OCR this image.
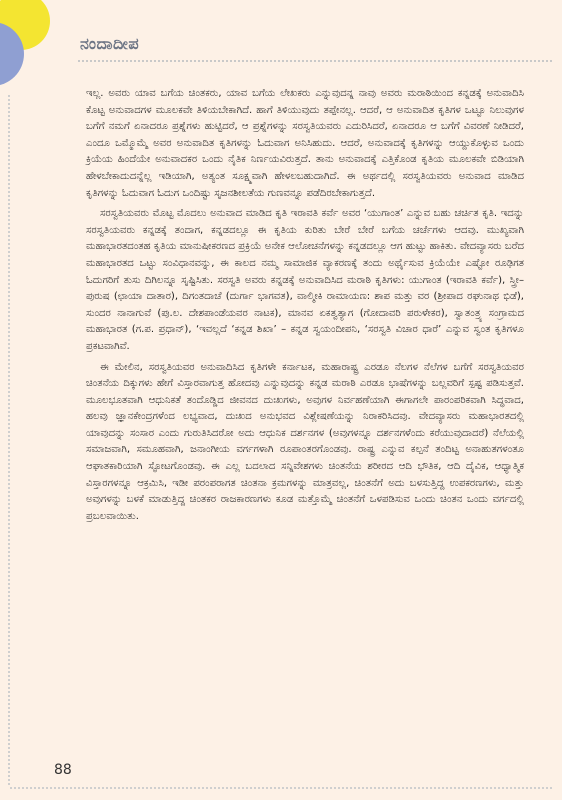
ನಂದಾದೀಪ

ಇಲ್ಲ. ಅವರು ಯಾವ ಬಗೆಯ ಚಿಂತಕರು, ಯಾವ ಬಗೆಯ ಲೇಖಕರು ಎನ್ನುವುದನ್ನ ನಾವು ಅವರು ಮರಾಠಿಯಿಂದ ಕನ್ನಡಕ್ಕೆ ಅನುವಾದಿಸಿ ಕೊಟ್ಟ ಅನುವಾದಗಳ ಮೂಲಕವೇ ತಿಳಿಯಬೇಕಾಗಿದೆ. ಹಾಗೆ ತಿಳಿಯುವುದು ತಪ್ಪೇನಲ್ಲ. ಆದರೆ, ಆ ಅನುವಾದಿತ ಕೃತಿಗಳ ಒಟ್ಟೂ ನಿಲುವುಗಳ ಬಗೆಗೆ ನಮಗೆ ಏನಾದರೂ ಪ್ರಶ್ನೆಗಳು ಹುಟ್ಟಿದರೆ, ಆ ಪ್ರಶ್ನೆಗಳನ್ನು ಸರಸ್ವತಿಯವರು ಎದುರಿಸಿದರೆ, ಏನಾದರೂ ಆ ಬಗೆಗೆ ವಿವರಣೆ ನೀಡಿದರೆ, ಎಂದೂ ಒಮ್ಮೊಮ್ಮೆ ಅವರ ಅನುವಾದಿತ ಕೃತಿಗಳನ್ನು ಓದುವಾಗ ಅನಿಸಿಹುದು. ಆದರೆ, ಅನುವಾದಕ್ಕೆ ಕೃತಿಗಳನ್ನು ಆಯ್ದುಕೊಳ್ಳುವ ಒಂದು ಕ್ರಿಯೆಯ ಹಿಂದೆಯೇ ಅನುವಾದಕರ ಒಂದು ನೈತಿಕ ನಿರ್ಣಯವಿರುತ್ತದೆ. ತಾನು ಅನುವಾದಕ್ಕೆ ಎತ್ತಿಕೊಂಡ ಕೃತಿಯ ಮೂಲಕವೇ ಬಿಡಿಯಾಗಿ ಹೇಳಬೇಕಾದುದನ್ನೆಲ್ಲ ಇಡಿಯಾಗಿ, ಅತ್ಯಂತ ಸೂಕ್ಷ್ಮವಾಗಿ ಹೇಳಲಬಹುದಾಗಿದೆ. ಈ ಅರ್ಥದಲ್ಲಿ ಸರಸ್ವತಿಯವರು ಅನುವಾದ ಮಾಡಿದ ಕೃತಿಗಳನ್ನು ಓದುವಾಗ ಓದುಗ ಒಂದಿಷ್ಟು ಸೃಜನಶೀಲತೆಯ ಗುಣವನ್ನೂ ಪಡೆದಿರಬೇಕಾಗುತ್ತದೆ.

ಸರಸ್ವತಿಯವರು ಮೊಟ್ಟ ಮೊದಲು ಅನುವಾದ ಮಾಡಿದ ಕೃತಿ ಇರಾವತಿ ಕರ್ವೆ ಅವರ ‘ಯುಗಾಂತ’ ಎನ್ನುವ ಬಹು ಚರ್ಚಿತ ಕೃತಿ. ಇದನ್ನು ಸರಸ್ವತಿಯವರು ಕನ್ನಡಕ್ಕೆ ತಂದಾಗ, ಕನ್ನಡದಲ್ಲೂ ಈ ಕೃತಿಯ ಕುರಿತು ಬೇರೆ ಬೇರೆ ಬಗೆಯ ಚರ್ಚೆಗಳು ಆದವು. ಮುಖ್ಯವಾಗಿ ಮಹಾಭಾರತದಂತಹ ಕೃತಿಯ ಮಾನುಷೀಕರಣದ ಪ್ರಕ್ರಿಯೆ ಅನೇಕ ಆಲೋಚನೆಗಳನ್ನು ಕನ್ನಡದಲ್ಲೂ ಆಗ ಹುಟ್ಟು ಹಾಕಿತು. ವೇದವ್ಯಾಸರು ಬರೆದ ಮಹಾಭಾರತದ ಒಟ್ಟು ಸಂವಿಧಾನವನ್ನು, ಈ ಕಾಲದ ನಮ್ಮ ಸಾಮಾಜಿಕ ವ್ಯಾಕರಣಕ್ಕೆ ತಂದು ಅರ್ಥೈಸುವ ಕ್ರಿಯೆಯೇ ಎಷ್ಟೋ ರೂಢಿಗತ ಓದುಗರಿಗೆ ತುಸು ದಿಗಿಲನ್ನೂ ಸೃಷ್ಟಿಸಿತು. ಸರಸ್ವತಿ ಅವರು ಕನ್ನಡಕ್ಕೆ ಅನುವಾದಿಸಿದ ಮರಾಠಿ ಕೃತಿಗಳು: ಯುಗಾಂತ (ಇರಾವತಿ ಕರ್ವೆ), ಸ್ತ್ರೀ–ಪುರುಷ (ಛಾಯಾ ದಾತಾರ), ದಿಗಂತದಾಚೆ (ದುರ್ಗಾ ಭಾಗವತ), ವಾಲ್ಮೀಕಿ ರಾಮಾಯಣ: ಶಾಪ ಮತ್ತು ವರ (ಶ್ರೀಪಾದ ರಘುನಾಥ ಭಿಡೆ), ಸುಂದರ ನಾನಾಗುವೆ (ಪು.ಲ. ದೇಶಪಾಂಡೆಯವರ ನಾಟಕ), ಮಾನವ ಏಕತ್ವತ್ಯಾಗ (ಗೋದಾವರಿ ಪರುಳೇಕರ), ಸ್ವಾತಂತ್ರ್ಯ ಸಂಗ್ರಾಮದ ಮಹಾಭಾರತ (ಗ.ಪ. ಪ್ರಧಾನ್), ‘ಇವಲ್ಲದೆ ‘ಕನ್ನಡ ಶಿಖಾ’ – ಕನ್ನಡ ಸ್ವಯಂದೀಪನಿ, ‘ಸರಸ್ವತಿ ವಿಚಾರ ಧಾರೆ’ ಎನ್ನುವ ಸ್ವಂತ ಕೃತಿಗಳೂ ಪ್ರಕಟವಾಗಿವೆ.

ಈ ಮೇಲಿನ, ಸರಸ್ವತಿಯವರ ಅನುವಾದಿಸಿದ ಕೃತಿಗಳೇ ಕರ್ನಾಟಕ, ಮಹಾರಾಷ್ಟ್ರ ಎರಡೂ ನೆಲಗಳ ನೆಲೆಗಳ ಬಗೆಗೆ ಸರಸ್ವತಿಯವರ ಚಿಂತನೆಯ ದಿಕ್ಕುಗಳು ಹೇಗೆ ವಿಸ್ತಾರವಾಗುತ್ತ ಹೋದವು ಎನ್ನುವುದನ್ನು ಕನ್ನಡ ಮರಾಠಿ ಎರಡೂ ಭಾಷೆಗಳನ್ನು ಬಲ್ಲವರಿಗೆ ಸ್ಪಷ್ಟ ಪಡಿಸುತ್ತವೆ. ಮೂಲಭೂತವಾಗಿ ಆಧುನಿಕತೆ ತಂದೊಡ್ಡಿದ ಜೀವನದ ದುಃಖಗಳು, ಅವುಗಳ ನಿರ್ವಹಣೆಯಾಗಿ ಈಗಾಗಲೇ ಪಾರಂಪರಿಕವಾಗಿ ಸಿದ್ಧವಾದ, ಹಲವು ಜ್ಞಾನಕೇಂದ್ರಗಳೆಂದ ಲಭ್ಯವಾದ, ದುಃಖದ ಅನುಭವದ ವಿಶ್ಲೇಷಣೆಯನ್ನು ನಿರಾಕರಿಸಿದವು. ವೇದವ್ಯಾಸರು ಮಹಾಭಾರತದಲ್ಲಿ ಯಾವುದನ್ನು ಸಂಸಾರ ಎಂದು ಗುರುತಿಸಿದರೋ ಅದು ಆಧುನಿಕ ದರ್ಶನಗಳ (ಅವುಗಳನ್ನೂ ದರ್ಶನಗಳೆಂದು ಕರೆಯುವುದಾದರೆ) ನೆಲೆಯಲ್ಲಿ ಸಮಾಜವಾಗಿ, ಸಮೂಹವಾಗಿ, ಜನಾಂಗೀಯ ವರ್ಗಗಳಾಗಿ ರೂಪಾಂತರಗೊಂಡವು. ರಾಷ್ಟ್ರ ಎನ್ನುವ ಕಲ್ಪನೆ ತಂದಿಟ್ಟ ಅನಾಹುತಗಳಂತೂ ಆಘಾತಕಾರಿಯಾಗಿ ಸ್ಫೋಟಗೊಂಡವು. ಈ ಎಲ್ಲ ಬದಲಾದ ಸನ್ನಿವೇಶಗಳು ಚಿಂತನೆಯ ಶರೀರದ ಆದಿ ಭೌತಿಕ, ಆದಿ ದೈವಿಕ, ಆಧ್ಯಾತ್ಮಿಕ ವಿಸ್ತಾರಗಳನ್ನೂ ಆಕ್ರಮಿಸಿ, ಇಡೀ ಪರಂಪರಾಗತ ಚಿಂತನಾ ಕ್ರಮಗಳನ್ನು ಮಾತ್ರವಲ್ಲ, ಚಿಂತನೆಗೆ ಅದು ಬಳಸುತ್ತಿದ್ದ ಉಪಕರಣಗಳು, ಮತ್ತು ಅವುಗಳನ್ನು ಬಳಕೆ ಮಾಡುತ್ತಿದ್ದ ಚಿಂತಕರ ರಾಜಕಾರಣಗಳು ಕೂಡ ಮತ್ತೊಮ್ಮೆ ಚಿಂತನೆಗೆ ಒಳಪಡಿಸುವ ಒಂದು ಚಿಂತನ ಒಂದು ವರ್ಗದಲ್ಲಿ ಪ್ರಬಲವಾಯಿತು.

88
